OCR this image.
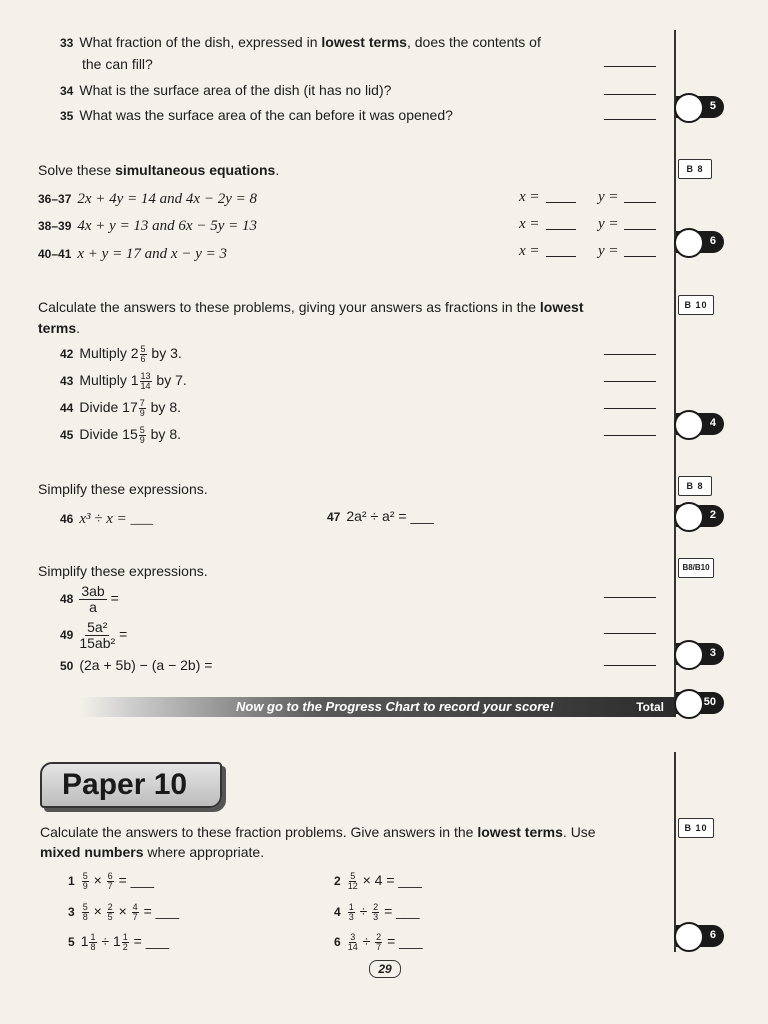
33 What fraction of the dish, expressed in lowest terms, does the contents of
the can fill?
34 What is the surface area of the dish (it has no lid)?
35 What was the surface area of the can before it was opened?
5
Solve these simultaneous equations.	B 8
36–37 2x + 4y = 14 and 4x − 2y = 8
38–39 4x + y = 13 and 6x − 5y = 13
40–41 x + y = 17 and x − y = 3
x =	y =
x =	y =
x =	y =
6
Calculate the answers to these problems, giving your answers as fractions in the lowest
terms.
B 10
42 Multiply $2 \frac{5}{6}$ by 3.
43 Multiply $1 \frac{13}{14}$ by 7.
44 Divide $17 \frac{7}{9}$ by 8.
45 Divide $15 \frac{5}{9}$ by 8.
4
Simplify these expressions.	B 8
46 x³ ÷ x = ___	47 2a² ÷ a² = ___	2
Simplify these expressions.	B8/B10
$48 \frac{3ab}{a}$ =
$49 \frac{\text{5a²}}{\text{15ab²}}$ =
50 (2a + 5b) − (a − 2b) =
3
Now go to the Progress Chart to record your score!	Total	50
Paper 10
Calculate the answers to these fraction problems. Give answers in the lowest terms. Use
mixed numbers where appropriate.
B 10
$1 \frac{5}{9} \times \frac{6}{7}$ = ___	$2 \frac{5}{12} \times 4$ = ___
$3 \frac{5}{8} \times \frac{2}{5} \times \frac{4}{7}$ = ___	$4 \frac{1}{3} \div \frac{2}{3}$ = ___
5 $1 \frac{1}{8} \div 1 \frac{1}{2}$ = ___	$6 \frac{3}{14} \div \frac{2}{7}$ = ___	6
29
